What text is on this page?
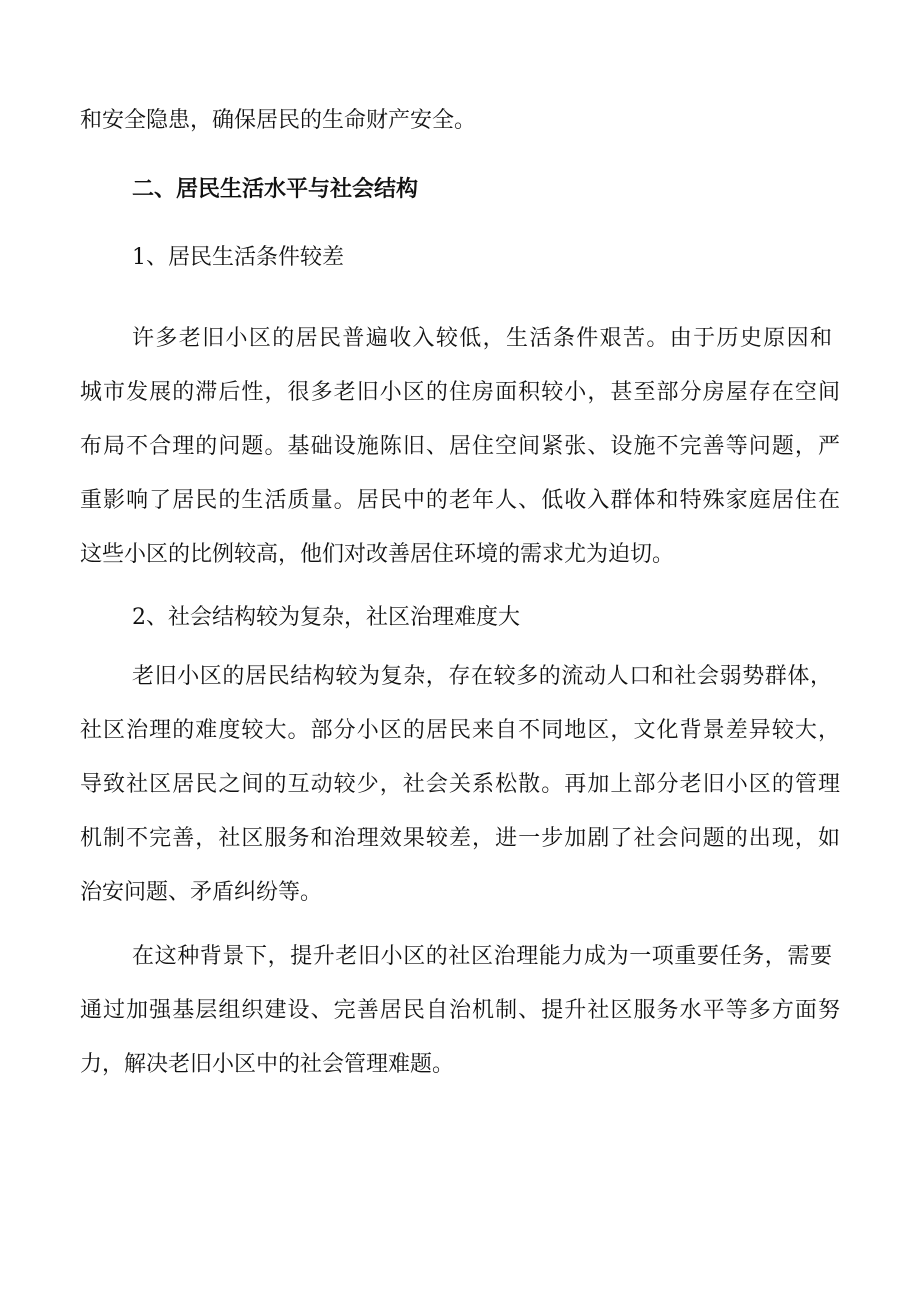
和安全隐患，确保居民的生命财产安全。
二、居民生活水平与社会结构
1、居民生活条件较差
许多老旧小区的居民普遍收入较低，生活条件艰苦。由于历史原因和
城市发展的滞后性，很多老旧小区的住房面积较小，甚至部分房屋存在空间
布局不合理的问题。基础设施陈旧、居住空间紧张、设施不完善等问题，严
重影响了居民的生活质量。居民中的老年人、低收入群体和特殊家庭居住在
这些小区的比例较高，他们对改善居住环境的需求尤为迫切。
2、社会结构较为复杂，社区治理难度大
老旧小区的居民结构较为复杂，存在较多的流动人口和社会弱势群体，
社区治理的难度较大。部分小区的居民来自不同地区，文化背景差异较大，
导致社区居民之间的互动较少，社会关系松散。再加上部分老旧小区的管理
机制不完善，社区服务和治理效果较差，进一步加剧了社会问题的出现，如
治安问题、矛盾纠纷等。
在这种背景下，提升老旧小区的社区治理能力成为一项重要任务，需要
通过加强基层组织建设、完善居民自治机制、提升社区服务水平等多方面努
力，解决老旧小区中的社会管理难题。
